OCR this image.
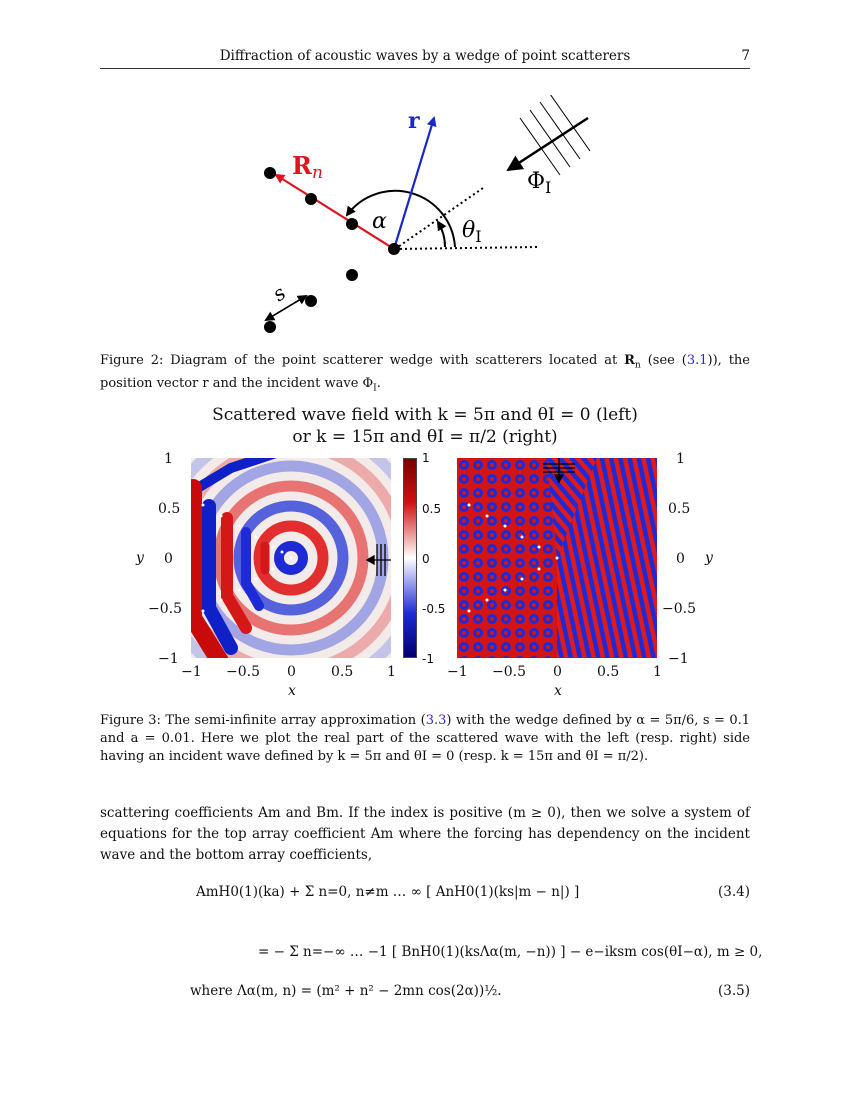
Diffraction of acoustic waves by a wedge of point scatterers	7
Rn
r
α	$\theta_I$
$\Phi_I$
s
Figure 2: Diagram of the point scatterer wedge with scatterers located at $R_n$ (see (3.1)), the position vector r and the incident wave $\Phi_I$.
Scattered wave field with k = 5π and θI = 0 (left)
or k = 15π and θI = π/2 (right)
1
0.5
0
−0.5
−1
y
−1 −0.5 0	0.5 1
x
1
0.5
0
-0.5
-1
−1 −0.5 0	0.5 1
x
1
0.5
0
−0.5
−1
y
Figure 3: The semi-infinite array approximation (3.3) with the wedge defined by α = 5π/6, s = 0.1 and a = 0.01. Here we plot the real part of the scattered wave with the left (resp. right) side having an incident wave defined by k = 5π and θI = 0 (resp. k = 15π and θI = π/2).
scattering coefficients Am and Bm. If the index is positive (m ≥ 0), then we solve a system of equations for the top array coefficient Am where the forcing has dependency on the incident wave and the bottom array coefficients,
AmH0(1)(ka) + Σ n=0, n≠m … ∞ [ AnH0(1)(ks|m − n|) ]	(3.4)
= − Σ n=−∞ … −1 [ BnH0(1)(ksΛα(m, −n)) ] − e−iksm cos(θI−α), m ≥ 0,
where Λα(m, n) = (m² + n² − 2mn cos(2α))½.	(3.5)
